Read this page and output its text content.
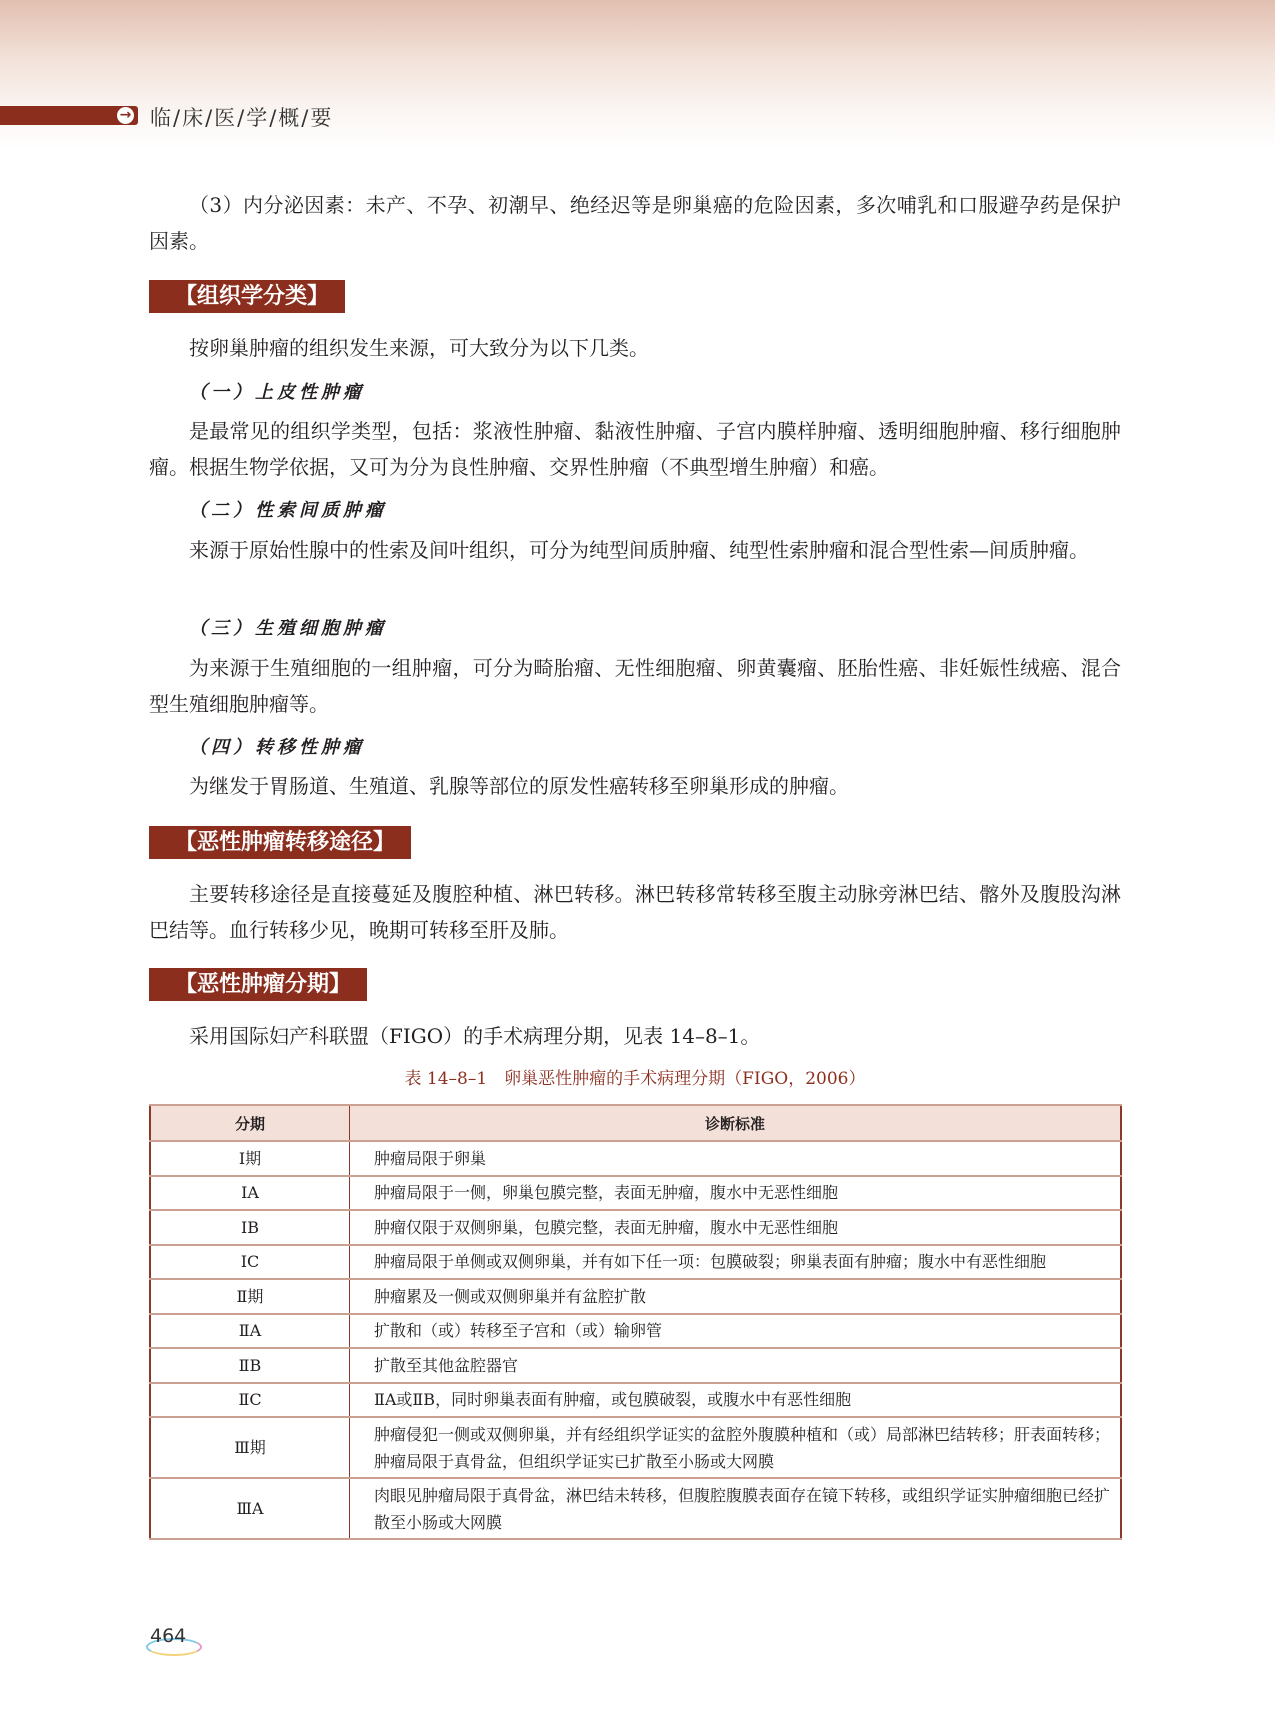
→ 临/床/医/学/概/要
（3）内分泌因素：未产、不孕、初潮早、绝经迟等是卵巢癌的危险因素，多次哺乳和口服避孕药是保护因素。
【组织学分类】
按卵巢肿瘤的组织发生来源，可大致分为以下几类。
（一）上皮性肿瘤
是最常见的组织学类型，包括：浆液性肿瘤、黏液性肿瘤、子宫内膜样肿瘤、透明细胞肿瘤、移行细胞肿瘤。根据生物学依据，又可为分为良性肿瘤、交界性肿瘤（不典型增生肿瘤）和癌。
（二）性索间质肿瘤
来源于原始性腺中的性索及间叶组织，可分为纯型间质肿瘤、纯型性索肿瘤和混合型性索—间质肿瘤。
（三）生殖细胞肿瘤
为来源于生殖细胞的一组肿瘤，可分为畸胎瘤、无性细胞瘤、卵黄囊瘤、胚胎性癌、非妊娠性绒癌、混合型生殖细胞肿瘤等。
（四）转移性肿瘤
为继发于胃肠道、生殖道、乳腺等部位的原发性癌转移至卵巢形成的肿瘤。
【恶性肿瘤转移途径】
主要转移途径是直接蔓延及腹腔种植、淋巴转移。淋巴转移常转移至腹主动脉旁淋巴结、髂外及腹股沟淋巴结等。血行转移少见，晚期可转移至肝及肺。
【恶性肿瘤分期】
采用国际妇产科联盟（FIGO）的手术病理分期，见表 14–8–1。
表 14–8–1　卵巢恶性肿瘤的手术病理分期（FIGO，2006）
分期	诊断标准
Ⅰ期	肿瘤局限于卵巢
ⅠA	肿瘤局限于一侧，卵巢包膜完整，表面无肿瘤，腹水中无恶性细胞
ⅠB	肿瘤仅限于双侧卵巢，包膜完整，表面无肿瘤，腹水中无恶性细胞
ⅠC	肿瘤局限于单侧或双侧卵巢，并有如下任一项：包膜破裂；卵巢表面有肿瘤；腹水中有恶性细胞
Ⅱ期	肿瘤累及一侧或双侧卵巢并有盆腔扩散
ⅡA	扩散和（或）转移至子宫和（或）输卵管
ⅡB	扩散至其他盆腔器官
ⅡC	ⅡA或ⅡB，同时卵巢表面有肿瘤，或包膜破裂，或腹水中有恶性细胞
Ⅲ期	肿瘤侵犯一侧或双侧卵巢，并有经组织学证实的盆腔外腹膜种植和（或）局部淋巴结转移；肝表面转移；肿瘤局限于真骨盆，但组织学证实已扩散至小肠或大网膜
ⅢA	肉眼见肿瘤局限于真骨盆，淋巴结未转移，但腹腔腹膜表面存在镜下转移，或组织学证实肿瘤细胞已经扩散至小肠或大网膜
464
